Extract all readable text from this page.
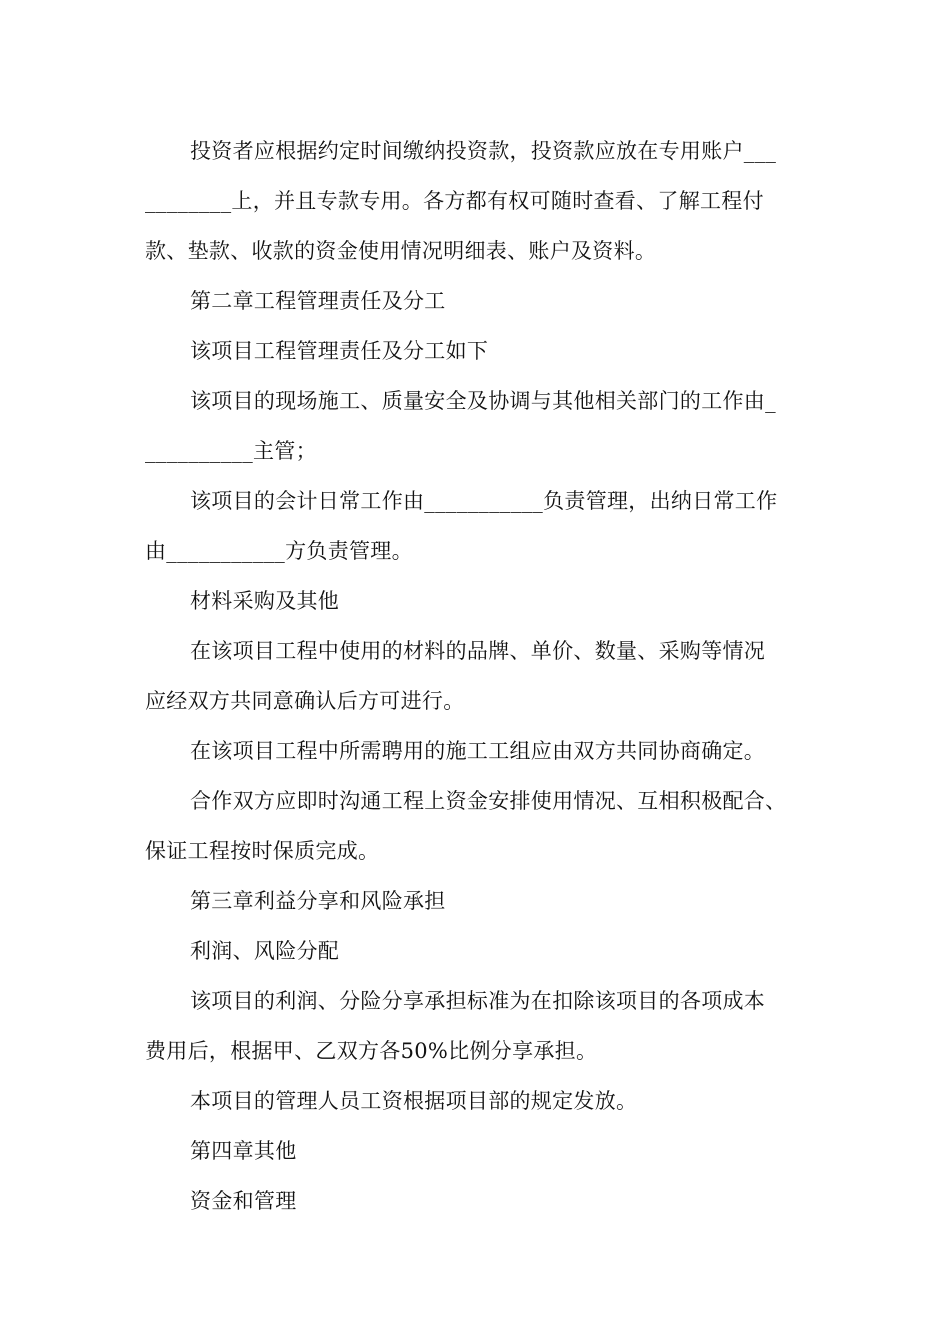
投资者应根据约定时间缴纳投资款，投资款应放在专用账户___
________上，并且专款专用。各方都有权可随时查看、了解工程付
款、垫款、收款的资金使用情况明细表、账户及资料。
第二章工程管理责任及分工
该项目工程管理责任及分工如下
该项目的现场施工、质量安全及协调与其他相关部门的工作由_
__________主管；
该项目的会计日常工作由___________负责管理，出纳日常工作
由___________方负责管理。
材料采购及其他
在该项目工程中使用的材料的品牌、单价、数量、采购等情况
应经双方共同意确认后方可进行。
在该项目工程中所需聘用的施工工组应由双方共同协商确定。
合作双方应即时沟通工程上资金安排使用情况、互相积极配合、
保证工程按时保质完成。
第三章利益分享和风险承担
利润、风险分配
该项目的利润、分险分享承担标准为在扣除该项目的各项成本
费用后，根据甲、乙双方各50%比例分享承担。
本项目的管理人员工资根据项目部的规定发放。
第四章其他
资金和管理
